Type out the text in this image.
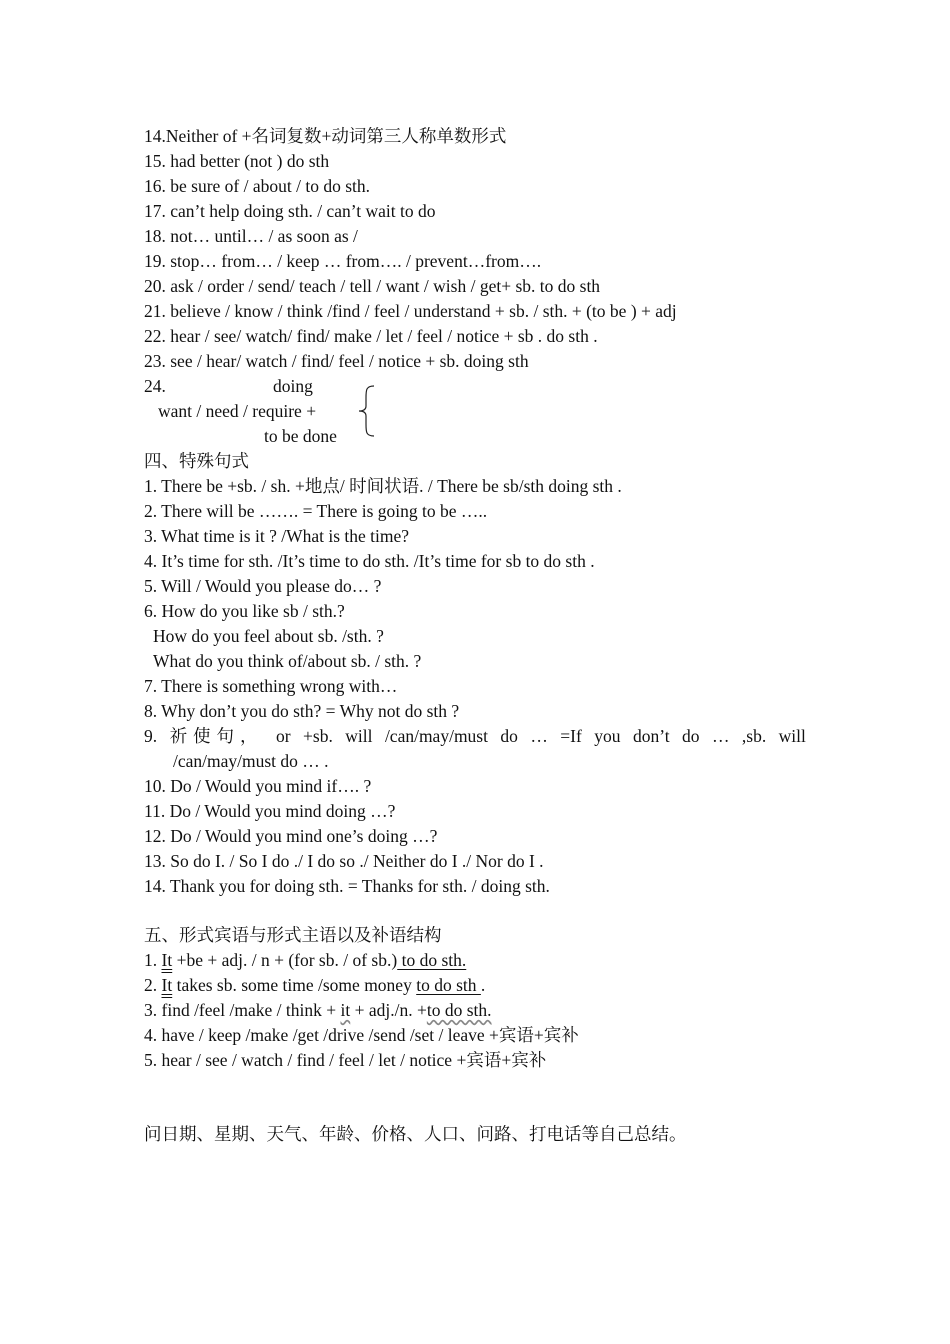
14.Neither of +名词复数+动词第三人称单数形式
15. had better (not ) do sth
16. be sure of / about / to do sth.
17. can’t help doing sth. / can’t wait to do
18. not… until… / as soon as /
19. stop… from… / keep … from…. / prevent…from….
20. ask / order / send/ teach / tell / want / wish / get+ sb. to do sth
21. believe / know / think /find / feel / understand + sb. / sth. + (to be ) + adj
22. hear / see/ watch/ find/ make / let / feel / notice + sb . do sth .
23. see / hear/ watch / find/ feel / notice + sb. doing sth
24.	doing
want / need / require +
to be done
四、特殊句式
1. There be +sb. / sh. +地点/ 时间状语. / There be sb/sth doing sth .
2. There will be ……. = There is going to be …..
3. What time is it ? /What is the time?
4. It’s time for sth. /It’s time to do sth. /It’s time for sb to do sth .
5. Will / Would you please do… ?
6. How do you like sb / sth.?
How do you feel about sb. /sth. ?
What do you think of/about sb. / sth. ?
7. There is something wrong with…
8. Why don’t you do sth? = Why not do sth ?
9. 祈使句， or +sb. will /can/may/must do … =If you don’t do … ,sb. will
/can/may/must do … .
10. Do / Would you mind if…. ?
11. Do / Would you mind doing …?
12. Do / Would you mind one’s doing …?
13. So do I. / So I do ./ I do so ./ Neither do I ./ Nor do I .
14. Thank you for doing sth. = Thanks for sth. / doing sth.
五、形式宾语与形式主语以及补语结构
1. It +be + adj. / n + (for sb. / of sb.) to do sth.
2. It takes sb. some time /some money to do sth .
3. find /feel /make / think + it + adj./n. +to do sth.
4. have / keep /make /get /drive /send /set / leave +宾语+宾补
5. hear / see / watch / find / feel / let / notice +宾语+宾补
问日期、星期、天气、年龄、价格、人口、问路、打电话等自己总结。
